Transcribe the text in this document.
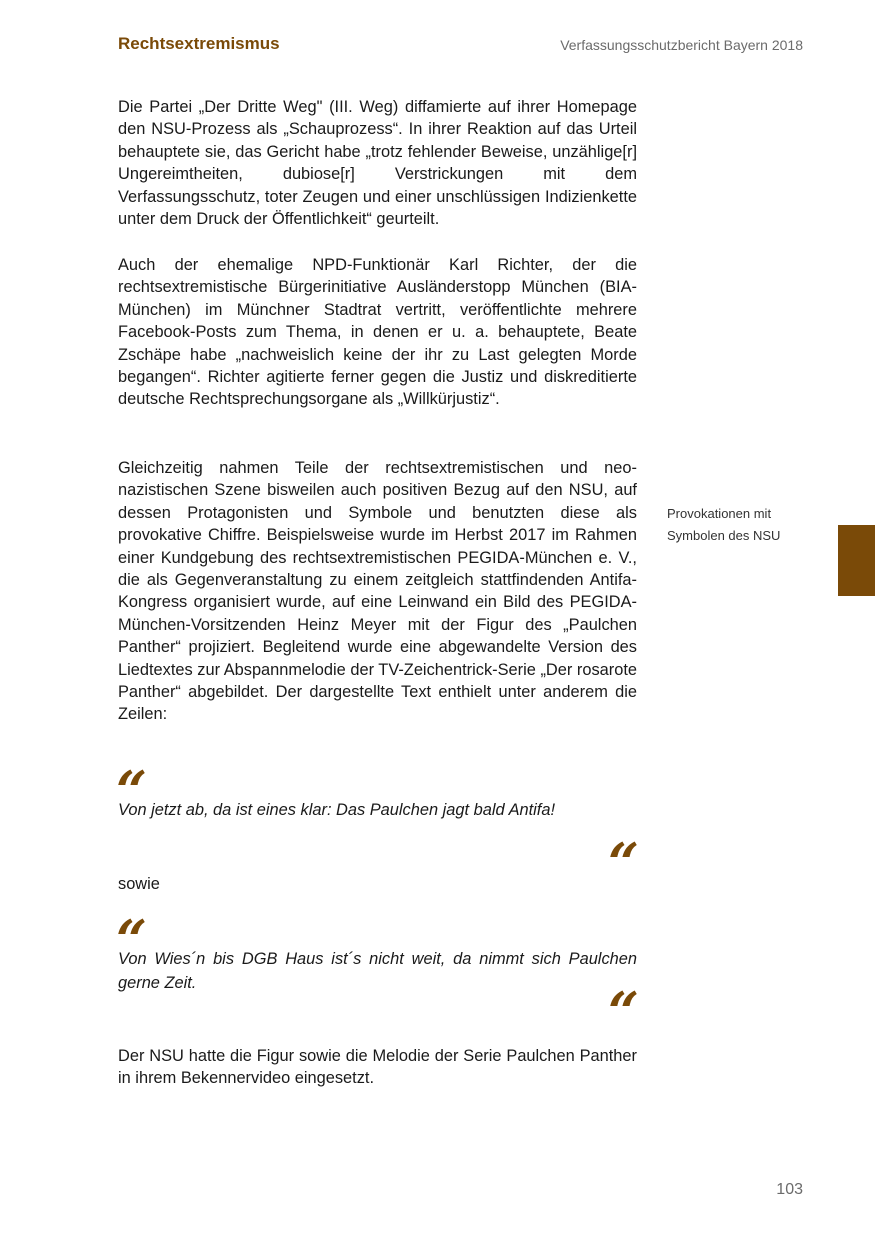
Rechtsextremismus	Verfassungsschutzbericht Bayern 2018
Die Partei „Der Dritte Weg" (III. Weg) diffamierte auf ihrer Homepage den NSU-Prozess als „Schauprozess“. In ihrer Reaktion auf das Urteil behauptete sie, das Gericht habe „trotz fehlender Beweise, unzählige[r] Ungereimtheiten, dubiose[r] Verstrickungen mit dem Verfassungsschutz, toter Zeugen und einer unschlüssigen Indizienkette unter dem Druck der Öffentlichkeit“ geurteilt.
Auch der ehemalige NPD-Funktionär Karl Richter, der die rechtsextremistische Bürgerinitiative Ausländerstopp München (BIA-München) im Münchner Stadtrat vertritt, veröffentlichte mehrere Facebook-Posts zum Thema, in denen er u. a. behauptete, Beate Zschäpe habe „nachweislich keine der ihr zu Last gelegten Morde begangen“. Richter agitierte ferner gegen die Justiz und diskreditierte deutsche Rechtsprechungsorgane als „Willkürjustiz“.
Gleichzeitig nahmen Teile der rechtsextremistischen und neonazistischen Szene bisweilen auch positiven Bezug auf den NSU, auf dessen Protagonisten und Symbole und benutzten diese als provokative Chiffre. Beispielsweise wurde im Herbst 2017 im Rahmen einer Kundgebung des rechtsextremistischen PEGIDA-München e. V., die als Gegenveranstaltung zu einem zeitgleich stattfindenden Antifa-Kongress organisiert wurde, auf eine Leinwand ein Bild des PEGIDA-München-Vorsitzenden Heinz Meyer mit der Figur des „Paulchen Panther“ projiziert. Begleitend wurde eine abgewandelte Version des Liedtextes zur Abspannmelodie der TV-Zeichentrick-Serie „Der rosarote Panther“ abgebildet. Der dargestellte Text enthielt unter anderem die Zeilen:
“
Von jetzt ab, da ist eines klar: Das Paulchen jagt bald Antifa!
“
sowie
“
Von Wies´n bis DGB Haus ist´s nicht weit, da nimmt sich Paulchen gerne Zeit.	“
Der NSU hatte die Figur sowie die Melodie der Serie Paulchen Panther in ihrem Bekennervideo eingesetzt.
Provokationen mit
Symbolen des NSU
103
